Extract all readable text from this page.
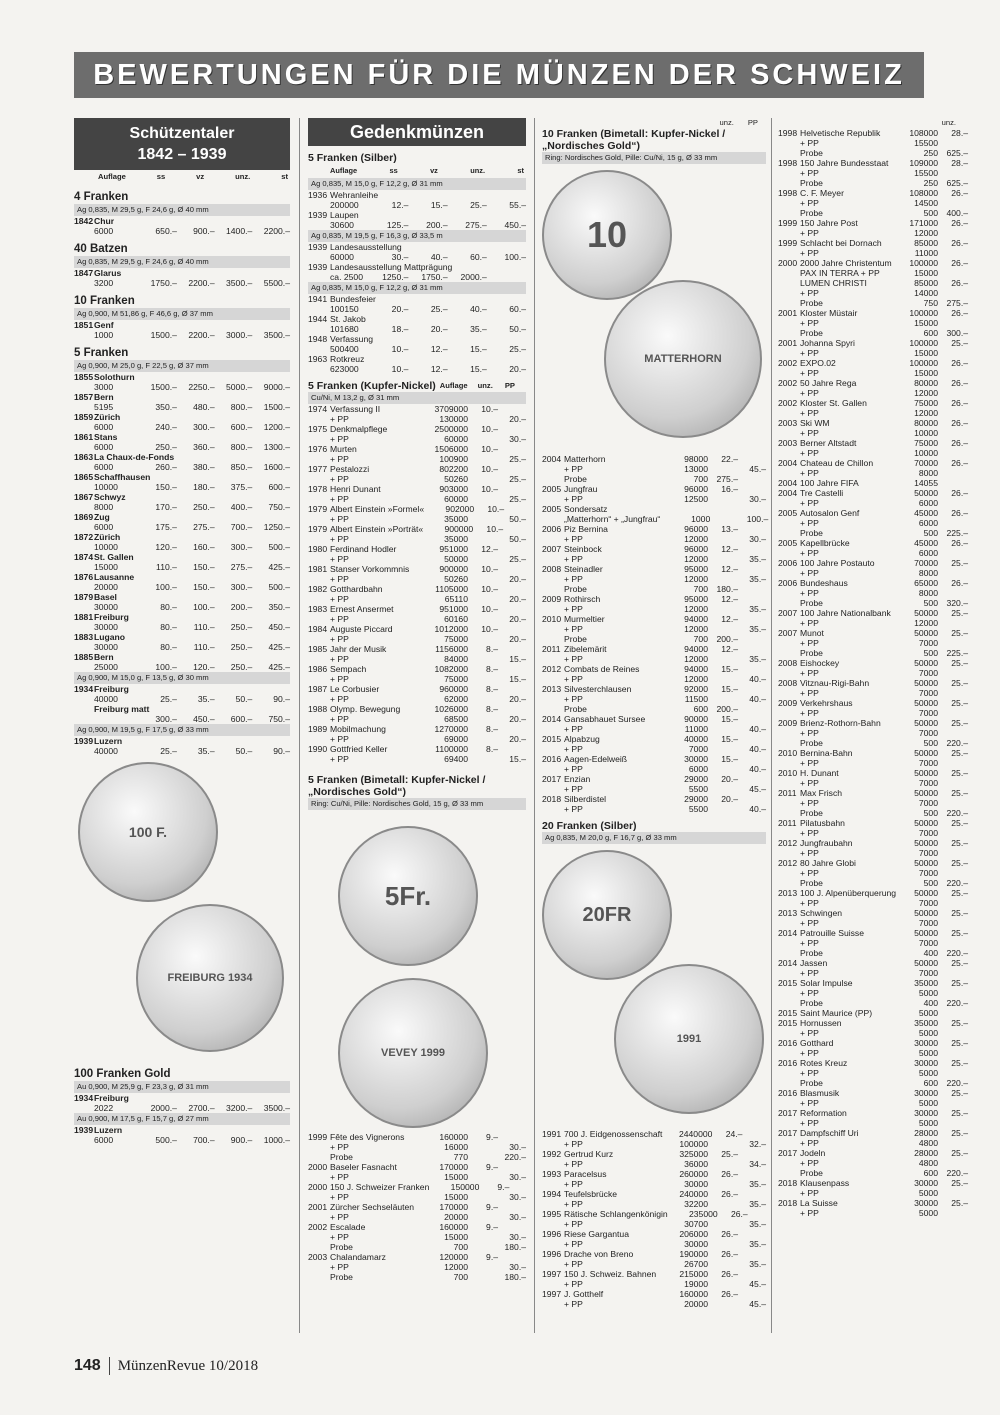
BEWERTUNGEN FÜR DIE MÜNZEN DER SCHWEIZ
Schützentaler
1842 – 1939
Auflage	ss	vz	unz.	st
4 Franken
Ag 0,835, M 29,5 g, F 24,6 g, Ø 40 mm
1842 Chur
6000	650.–	900.–	1400.–	2200.–
40 Batzen
Ag 0,835, M 29,5 g, F 24,6 g, Ø 40 mm
1847 Glarus
3200	1750.–	2200.–	3500.–	5500.–
10 Franken
Ag 0,900, M 51,86 g, F 46,6 g, Ø 37 mm
1851 Genf
1000	1500.–	2200.–	3000.–	3500.–
5 Franken
Ag 0,900, M 25,0 g, F 22,5 g, Ø 37 mm
1855 Solothurn
3000	1500.–	2250.–	5000.–	9000.–
1857 Bern
5195	350.–	480.–	800.–	1500.–
1859 Zürich
6000	240.–	300.–	600.–	1200.–
1861 Stans
6000	250.–	360.–	800.–	1300.–
1863 La Chaux-de-Fonds
6000	260.–	380.–	850.–	1600.–
1865 Schaffhausen
10000	150.–	180.–	375.–	600.–
1867 Schwyz
8000	170.–	250.–	400.–	750.–
1869 Zug
6000	175.–	275.–	700.–	1250.–
1872 Zürich
10000	120.–	160.–	300.–	500.–
1874 St. Gallen
15000	110.–	150.–	275.–	425.–
1876 Lausanne
20000	100.–	150.–	300.–	500.–
1879 Basel
30000	80.–	100.–	200.–	350.–
1881 Freiburg
30000	80.–	110.–	250.–	450.–
1883 Lugano
30000	80.–	110.–	250.–	425.–
1885 Bern
25000	100.–	120.–	250.–	425.–
Ag 0,900, M 15,0 g, F 13,5 g, Ø 30 mm
1934 Freiburg
40000	25.–	35.–	50.–	90.–
Freiburg matt
300.–	450.–	600.–	750.–
Ag 0,900, M 19,5 g, F 17,5 g, Ø 33 mm
1939 Luzern
40000	25.–	35.–	50.–	90.–
100 F.
FREIBURG 1934
100 Franken Gold
Au 0,900, M 25,9 g, F 23,3 g, Ø 31 mm
1934 Freiburg
2022	2000.–	2700.–	3200.–	3500.–
Au 0,900, M 17,5 g, F 15,7 g, Ø 27 mm
1939 Luzern
6000	500.–	700.–	900.–	1000.–
Gedenkmünzen
5 Franken (Silber)
Auflage	ss	vz	unz.	st
Ag 0,835, M 15,0 g, F 12,2 g, Ø 31 mm
1936 Wehranleihe
200000	12.–	15.–	25.–	55.–
1939 Laupen
30600	125.–	200.–	275.–	450.–
Ag 0,835, M 19,5 g, F 16,3 g, Ø 33,5 m
1939 Landesausstellung
60000	30.–	40.–	60.–	100.–
1939 Landesausstellung Mattprägung
ca. 2500	1250.–	1750.–	2000.–
Ag 0,835, M 15,0 g, F 12,2 g, Ø 31 mm
1941 Bundesfeier
100150	20.–	25.–	40.–	60.–
1944 St. Jakob
101680	18.–	20.–	35.–	50.–
1948 Verfassung
500400	10.–	12.–	15.–	25.–
1963 Rotkreuz
623000	10.–	12.–	15.–	20.–
5 Franken (Kupfer-Nickel) Auflage unz. PP
Cu/Ni, M 13,2 g, Ø 31 mm
1974 Verfassung II	3709000	10.–
+ PP	130000	20.–
1975 Denkmalpflege	2500000	10.–
+ PP	60000	30.–
1976 Murten	1506000	10.–
+ PP	100900	25.–
1977 Pestalozzi	802200	10.–
+ PP	50260	25.–
1978 Henri Dunant	903000	10.–
+ PP	60000	25.–
1979 Albert Einstein »Formel«	902000	10.–
+ PP	35000	50.–
1979 Albert Einstein »Porträt«	900000	10.–
+ PP	35000	50.–
1980 Ferdinand Hodler	951000	12.–
+ PP	50000	25.–
1981 Stanser Vorkommnis	900000	10.–
+ PP	50260	20.–
1982 Gotthardbahn	1105000	10.–
+ PP	65110	20.–
1983 Ernest Ansermet	951000	10.–
+ PP	60160	20.–
1984 Auguste Piccard	1012000	10.–
+ PP	75000	20.–
1985 Jahr der Musik	1156000	8.–
+ PP	84000	15.–
1986 Sempach	1082000	8.–
+ PP	75000	15.–
1987 Le Corbusier	960000	8.–
+ PP	62000	20.–
1988 Olymp. Bewegung	1026000	8.–
+ PP	68500	20.–
1989 Mobilmachung	1270000	8.–
+ PP	69000	20.–
1990 Gottfried Keller	1100000	8.–
+ PP	69400	15.–
5 Franken (Bimetall: Kupfer-Nickel /
„Nordisches Gold“)
Ring: Cu/Ni, Pille: Nordisches Gold, 15 g, Ø 33 mm
5Fr.
VEVEY 1999
1999 Fête des Vignerons	160000	9.–
+ PP	16000	30.–
Probe	770	220.–
2000 Baseler Fasnacht	170000	9.–
+ PP	15000	30.–
2000 150 J. Schweizer Franken	150000	9.–
+ PP	15000	30.–
2001 Zürcher Sechseläuten	170000	9.–
+ PP	20000	30.–
2002 Escalade	160000	9.–
+ PP	15000	30.–
Probe	700	180.–
2003 Chalandamarz	120000	9.–
+ PP	12000	30.–
Probe	700	180.–
unz. PP
10 Franken (Bimetall: Kupfer-Nickel /
„Nordisches Gold“)
Ring: Nordisches Gold, Pille: Cu/Ni, 15 g, Ø 33 mm
10
MATTERHORN
2004 Matterhorn	98000	22.–
+ PP	13000	45.–
Probe	700 275.–
2005 Jungfrau	96000	16.–
+ PP	12500	30.–
2005 Sondersatz
„Matterhorn“ + „Jungfrau“	1000	100.–
2006 Piz Bernina	96000	13.–
+ PP	12000	30.–
2007 Steinbock	96000	12.–
+ PP	12000	35.–
2008 Steinadler	95000	12.–
+ PP	12000	35.–
Probe	700 180.–
2009 Rothirsch	95000	12.–
+ PP	12000	35.–
2010 Murmeltier	94000	12.–
+ PP	12000	35.–
Probe	700 200.–
2011 Zibelemärit	94000	12.–
+ PP	12000	35.–
2012 Combats de Reines	94000	15.–
+ PP	12000	40.–
2013 Silvesterchlausen	92000	15.–
+ PP	11500	40.–
Probe	600 200.–
2014 Gansabhauet Sursee	90000	15.–
+ PP	11000	40.–
2015 Alpabzug	40000	15.–
+ PP	7000	40.–
2016 Aagen-Edelweiß	30000	15.–
+ PP	6000	40.–
2017 Enzian	29000	20.–
+ PP	5500	45.–
2018 Silberdistel	29000	20.–
+ PP	5500	40.–
20 Franken (Silber)
Ag 0,835, M 20,0 g, F 16,7 g, Ø 33 mm
20FR
1991
1991 700 J. Eidgenossenschaft	2440000	24.–
+ PP	100000	32.–
1992 Gertrud Kurz	325000	25.–
+ PP	36000	34.–
1993 Paracelsus	260000	26.–
+ PP	30000	35.–
1994 Teufelsbrücke	240000	26.–
+ PP	32200	35.–
1995 Rätische Schlangenkönigin	235000	26.–
+ PP	30700	35.–
1996 Riese Gargantua	206000	26.–
+ PP	30000	35.–
1996 Drache von Breno	190000	26.–
+ PP	26700	35.–
1997 150 J. Schweiz. Bahnen	215000	26.–
+ PP	19000	45.–
1997 J. Gotthelf	160000	26.–
+ PP	20000	45.–
unz.
1998 Helvetische Republik	108000	28.–
+ PP	15500
Probe	250 625.–
1998 150 Jahre Bundesstaat	109000	28.–
+ PP	15500
Probe	250 625.–
1998 C. F. Meyer	108000	26.–
+ PP	14500
Probe	500 400.–
1999 150 Jahre Post	171000	26.–
+ PP	12000
1999 Schlacht bei Dornach	85000	26.–
+ PP	11000
2000 2000 Jahre Christentum	100000	26.–
PAX IN TERRA + PP	15000
LUMEN CHRISTI	85000	26.–
+ PP	14000
Probe	750 275.–
2001 Kloster Müstair	100000	26.–
+ PP	15000
Probe	600 300.–
2001 Johanna Spyri	100000	25.–
+ PP	15000
2002 EXPO.02	100000	26.–
+ PP	15000
2002 50 Jahre Rega	80000	26.–
+ PP	12000
2002 Kloster St. Gallen	75000	26.–
+ PP	12000
2003 Ski WM	80000	26.–
+ PP	10000
2003 Berner Altstadt	75000	26.–
+ PP	10000
2004 Chateau de Chillon	70000	26.–
+ PP	8000
2004 100 Jahre FIFA	14055
2004 Tre Castelli	50000	26.–
+ PP	6000
2005 Autosalon Genf	45000	26.–
+ PP	6000
Probe	500 225.–
2005 Kapellbrücke	45000	26.–
+ PP	6000
2006 100 Jahre Postauto	70000	25.–
+ PP	8000
2006 Bundeshaus	65000	26.–
+ PP	8000
Probe	500 320.–
2007 100 Jahre Nationalbank	50000	25.–
+ PP	12000
2007 Munot	50000	25.–
+ PP	7000
Probe	500 225.–
2008 Eishockey	50000	25.–
+ PP	7000
2008 Vitznau-Rigi-Bahn	50000	25.–
+ PP	7000
2009 Verkehrshaus	50000	25.–
+ PP	7000
2009 Brienz-Rothorn-Bahn	50000	25.–
+ PP	7000
Probe	500 220.–
2010 Bernina-Bahn	50000	25.–
+ PP	7000
2010 H. Dunant	50000	25.–
+ PP	7000
2011 Max Frisch	50000	25.–
+ PP	7000
Probe	500 220.–
2011 Pilatusbahn	50000	25.–
+ PP	7000
2012 Jungfraubahn	50000	25.–
+ PP	7000
2012 80 Jahre Globi	50000	25.–
+ PP	7000
Probe	500 220.–
2013 100 J. Alpenüberquerung	50000	25.–
+ PP	7000
2013 Schwingen	50000	25.–
+ PP	7000
2014 Patrouille Suisse	50000	25.–
+ PP	7000
Probe	400 220.–
2014 Jassen	50000	25.–
+ PP	7000
2015 Solar Impulse	35000	25.–
+ PP	5000
Probe	400 220.–
2015 Saint Maurice (PP)	5000
2015 Hornussen	35000	25.–
+ PP	5000
2016 Gotthard	30000	25.–
+ PP	5000
2016 Rotes Kreuz	30000	25.–
+ PP	5000
Probe	600 220.–
2016 Blasmusik	30000	25.–
+ PP	5000
2017 Reformation	30000	25.–
+ PP	5000
2017 Dampfschiff Uri	28000	25.–
+ PP	4800
2017 Jodeln	28000	25.–
+ PP	4800
Probe	600 220.–
2018 Klausenpass	30000	25.–
+ PP	5000
2018 La Suisse	30000	25.–
+ PP	5000
148	MünzenRevue 10/2018
